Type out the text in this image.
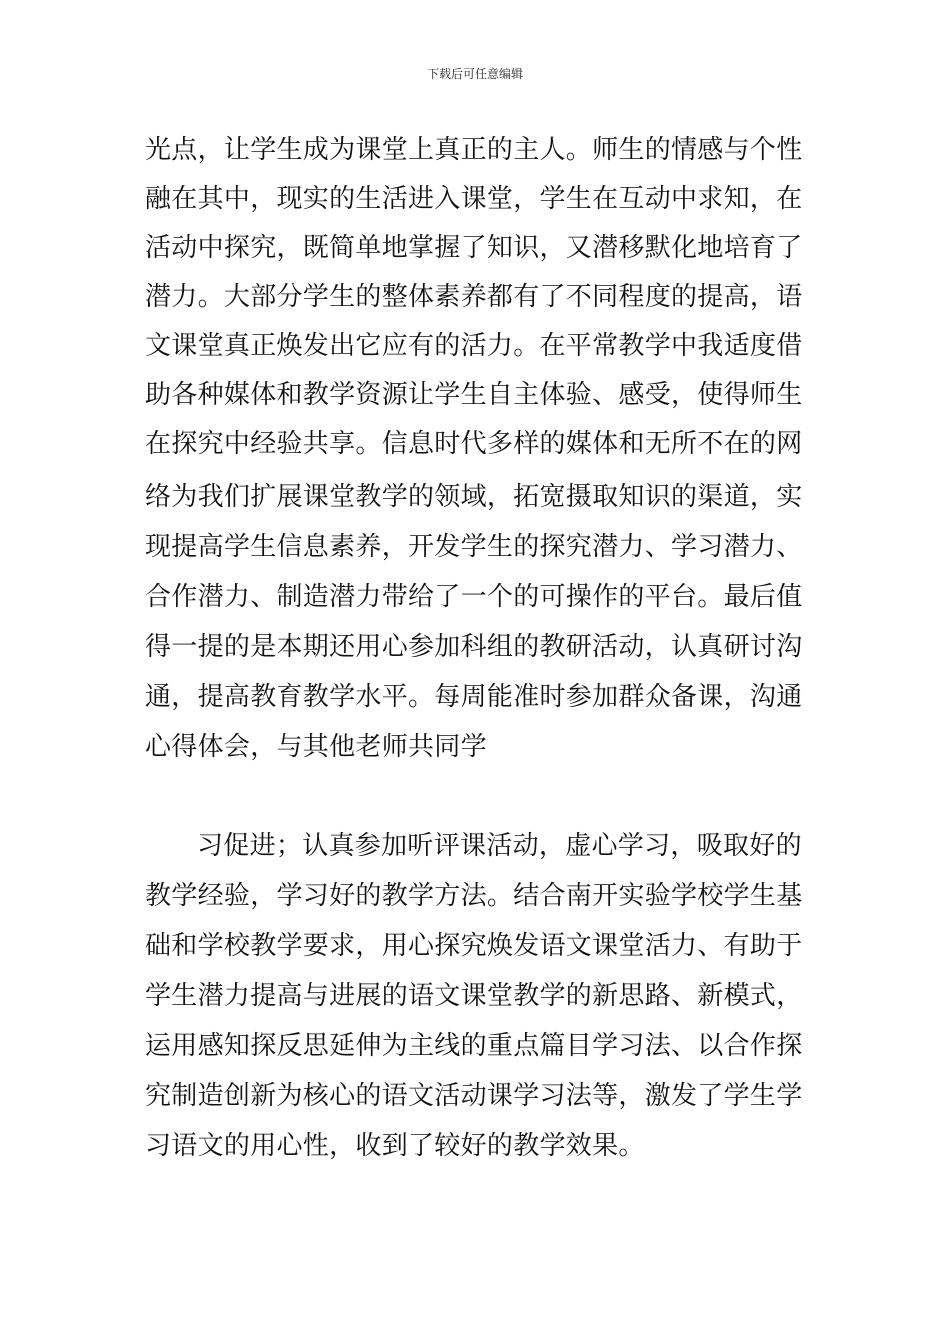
下载后可任意编辑
光点，让学生成为课堂上真正的主人。师生的情感与个性
融在其中，现实的生活进入课堂，学生在互动中求知，在
活动中探究，既简单地掌握了知识，又潜移默化地培育了
潜力。大部分学生的整体素养都有了不同程度的提高，语
文课堂真正焕发出它应有的活力。在平常教学中我适度借
助各种媒体和教学资源让学生自主体验、感受，使得师生
在探究中经验共享。信息时代多样的媒体和无所不在的网
络为我们扩展课堂教学的领域，拓宽摄取知识的渠道，实
现提高学生信息素养，开发学生的探究潜力、学习潜力、
合作潜力、制造潜力带给了一个的可操作的平台。最后值
得一提的是本期还用心参加科组的教研活动，认真研讨沟
通，提高教育教学水平。每周能准时参加群众备课，沟通
心得体会，与其他老师共同学
习促进；认真参加听评课活动，虚心学习，吸取好的
教学经验，学习好的教学方法。结合南开实验学校学生基
础和学校教学要求，用心探究焕发语文课堂活力、有助于
学生潜力提高与进展的语文课堂教学的新思路、新模式，
运用感知探反思延伸为主线的重点篇目学习法、以合作探
究制造创新为核心的语文活动课学习法等，激发了学生学
习语文的用心性，收到了较好的教学效果。
